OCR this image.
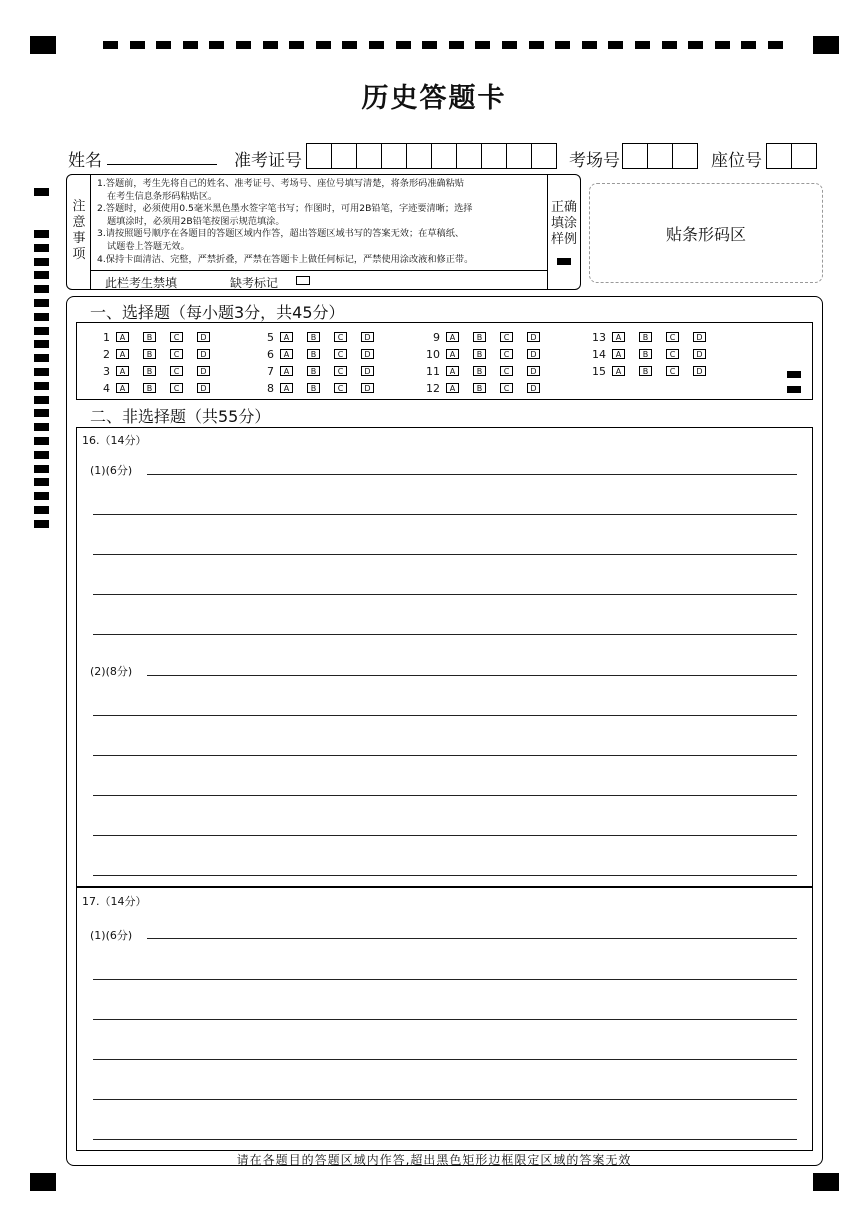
历史答题卡
姓名	准考证号	考场号	座位号
注
意
事
项
1.答题前，考生先将自己的姓名、准考证号、考场号、座位号填写清楚，将条形码准确粘贴
在考生信息条形码粘贴区。
2.答题时，必须使用0.5毫米黑色墨水签字笔书写；作图时，可用2B铅笔，字迹要清晰；选择
题填涂时，必须用2B铅笔按图示规范填涂。
3.请按照题号顺序在各题目的答题区域内作答，超出答题区域书写的答案无效；在草稿纸、
试题卷上答题无效。
4.保持卡面清洁、完整，严禁折叠，严禁在答题卡上做任何标记，严禁使用涂改液和修正带。
此栏考生禁填	缺考标记
正确
填涂
样例	贴条形码区
一、选择题（每小题3分，共45分）
1	A	B	C	D
2	A	B	C	D
3	A	B	C	D
4	A	B	C	D
5	A	B	C	D
6	A	B	C	D
7	A	B	C	D
8	A	B	C	D
9	A	B	C	D
10	A	B	C	D
11	A	B	C	D
12	A	B	C	D
13	A	B	C	D
14	A	B	C	D
15	A	B	C	D
二、非选择题（共55分）
16.（14分）
(1)(6分)
(2)(8分)
17.（14分）
(1)(6分)
请在各题目的答题区域内作答,超出黑色矩形边框限定区域的答案无效
